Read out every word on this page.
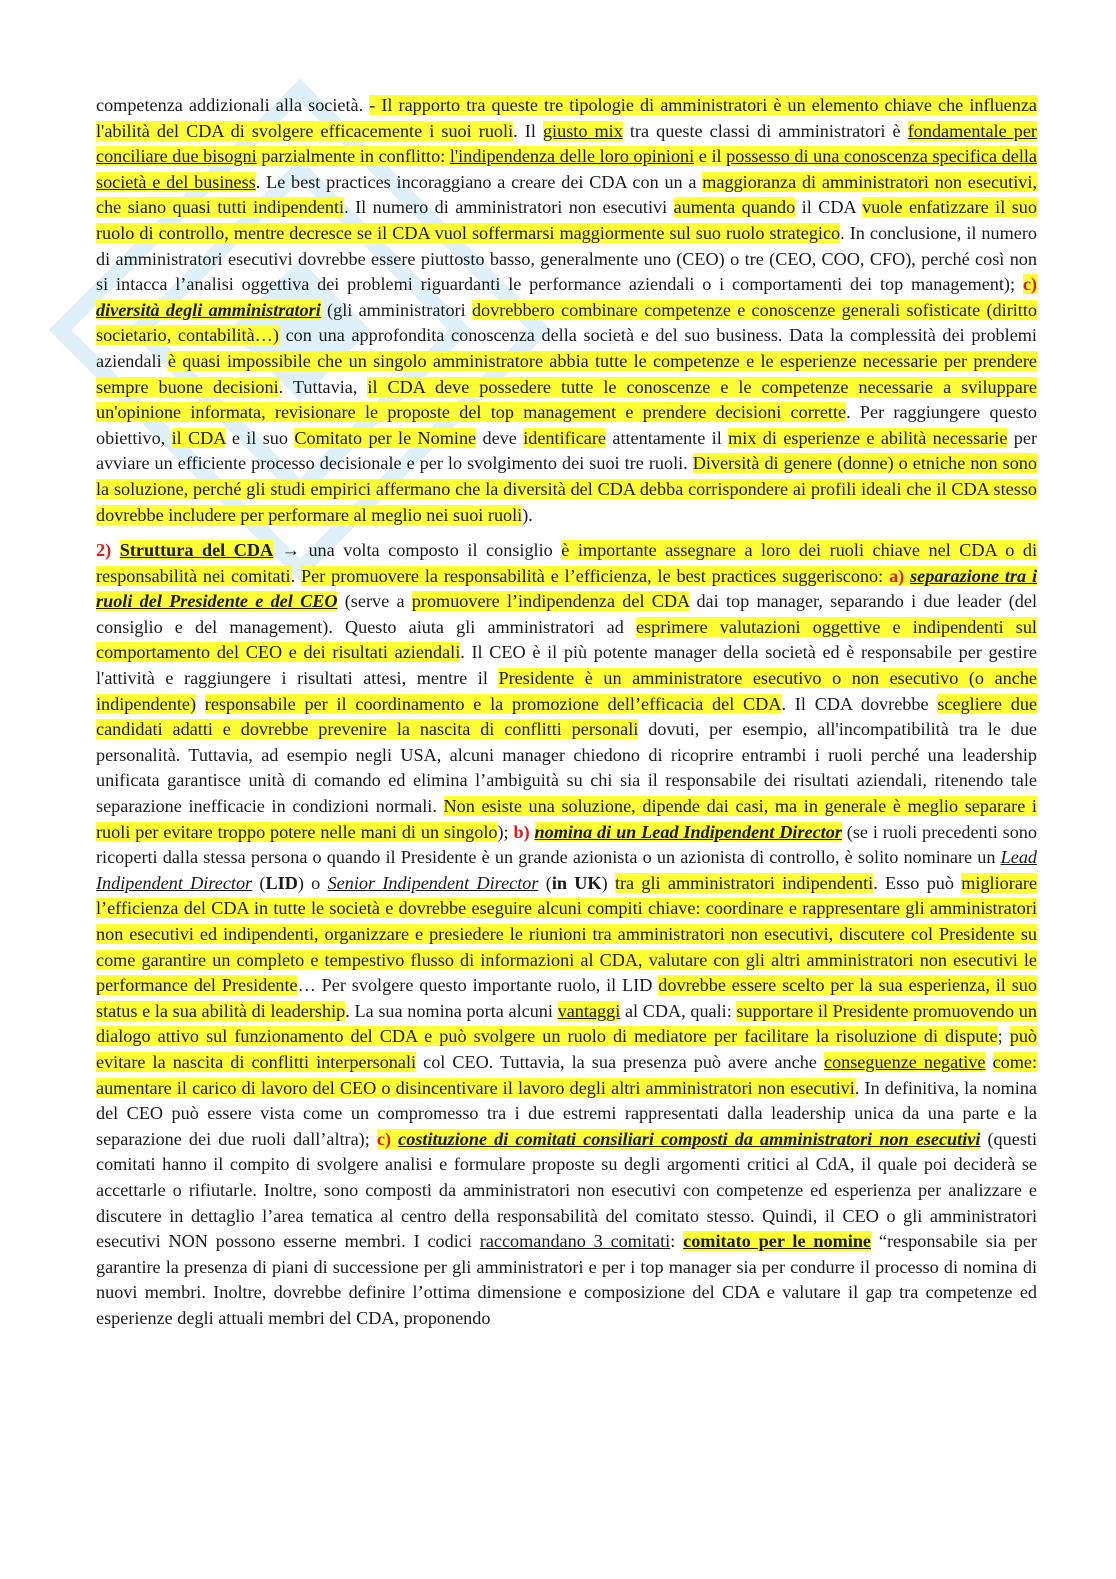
competenza addizionali alla società. - Il rapporto tra queste tre tipologie di amministratori è un elemento chiave che influenza l'abilità del CDA di svolgere efficacemente i suoi ruoli. Il giusto mix tra queste classi di amministratori è fondamentale per conciliare due bisogni parzialmente in conflitto: l'indipendenza delle loro opinioni e il possesso di una conoscenza specifica della società e del business. Le best practices incoraggiano a creare dei CDA con un a maggioranza di amministratori non esecutivi, che siano quasi tutti indipendenti. Il numero di amministratori non esecutivi aumenta quando il CDA vuole enfatizzare il suo ruolo di controllo, mentre decresce se il CDA vuol soffermarsi maggiormente sul suo ruolo strategico. In conclusione, il numero di amministratori esecutivi dovrebbe essere piuttosto basso, generalmente uno (CEO) o tre (CEO, COO, CFO), perché così non si intacca l’analisi oggettiva dei problemi riguardanti le performance aziendali o i comportamenti dei top management); c) diversità degli amministratori (gli amministratori dovrebbero combinare competenze e conoscenze generali sofisticate (diritto societario, contabilità…) con una approfondita conoscenza della società e del suo business. Data la complessità dei problemi aziendali è quasi impossibile che un singolo amministratore abbia tutte le competenze e le esperienze necessarie per prendere sempre buone decisioni. Tuttavia, il CDA deve possedere tutte le conoscenze e le competenze necessarie a sviluppare un'opinione informata, revisionare le proposte del top management e prendere decisioni corrette. Per raggiungere questo obiettivo, il CDA e il suo Comitato per le Nomine deve identificare attentamente il mix di esperienze e abilità necessarie per avviare un efficiente processo decisionale e per lo svolgimento dei suoi tre ruoli. Diversità di genere (donne) o etniche non sono la soluzione, perché gli studi empirici affermano che la diversità del CDA debba corrispondere ai profili ideali che il CDA stesso dovrebbe includere per performare al meglio nei suoi ruoli).

2) Struttura del CDA → una volta composto il consiglio è importante assegnare a loro dei ruoli chiave nel CDA o di responsabilità nei comitati. Per promuovere la responsabilità e l’efficienza, le best practices suggeriscono: a) separazione tra i ruoli del Presidente e del CEO (serve a promuovere l’indipendenza del CDA dai top manager, separando i due leader (del consiglio e del management). Questo aiuta gli amministratori ad esprimere valutazioni oggettive e indipendenti sul comportamento del CEO e dei risultati aziendali. Il CEO è il più potente manager della società ed è responsabile per gestire l'attività e raggiungere i risultati attesi, mentre il Presidente è un amministratore esecutivo o non esecutivo (o anche indipendente) responsabile per il coordinamento e la promozione dell’efficacia del CDA. Il CDA dovrebbe scegliere due candidati adatti e dovrebbe prevenire la nascita di conflitti personali dovuti, per esempio, all'incompatibilità tra le due personalità. Tuttavia, ad esempio negli USA, alcuni manager chiedono di ricoprire entrambi i ruoli perché una leadership unificata garantisce unità di comando ed elimina l’ambiguità su chi sia il responsabile dei risultati aziendali, ritenendo tale separazione inefficacie in condizioni normali. Non esiste una soluzione, dipende dai casi, ma in generale è meglio separare i ruoli per evitare troppo potere nelle mani di un singolo); b) nomina di un Lead Indipendent Director (se i ruoli precedenti sono ricoperti dalla stessa persona o quando il Presidente è un grande azionista o un azionista di controllo, è solito nominare un Lead Indipendent Director (LID) o Senior Indipendent Director (in UK) tra gli amministratori indipendenti. Esso può migliorare l’efficienza del CDA in tutte le società e dovrebbe eseguire alcuni compiti chiave: coordinare e rappresentare gli amministratori non esecutivi ed indipendenti, organizzare e presiedere le riunioni tra amministratori non esecutivi, discutere col Presidente su come garantire un completo e tempestivo flusso di informazioni al CDA, valutare con gli altri amministratori non esecutivi le performance del Presidente… Per svolgere questo importante ruolo, il LID dovrebbe essere scelto per la sua esperienza, il suo status e la sua abilità di leadership. La sua nomina porta alcuni vantaggi al CDA, quali: supportare il Presidente promuovendo un dialogo attivo sul funzionamento del CDA e può svolgere un ruolo di mediatore per facilitare la risoluzione di dispute; può evitare la nascita di conflitti interpersonali col CEO. Tuttavia, la sua presenza può avere anche conseguenze negative come: aumentare il carico di lavoro del CEO o disincentivare il lavoro degli altri amministratori non esecutivi. In definitiva, la nomina del CEO può essere vista come un compromesso tra i due estremi rappresentati dalla leadership unica da una parte e la separazione dei due ruoli dall’altra); c) costituzione di comitati consiliari composti da amministratori non esecutivi (questi comitati hanno il compito di svolgere analisi e formulare proposte su degli argomenti critici al CdA, il quale poi deciderà se accettarle o rifiutarle. Inoltre, sono composti da amministratori non esecutivi con competenze ed esperienza per analizzare e discutere in dettaglio l’area tematica al centro della responsabilità del comitato stesso. Quindi, il CEO o gli amministratori esecutivi NON possono esserne membri. I codici raccomandano 3 comitati: comitato per le nomine “responsabile sia per garantire la presenza di piani di successione per gli amministratori e per i top manager sia per condurre il processo di nomina di nuovi membri. Inoltre, dovrebbe definire l’ottima dimensione e composizione del CDA e valutare il gap tra competenze ed esperienze degli attuali membri del CDA, proponendo
